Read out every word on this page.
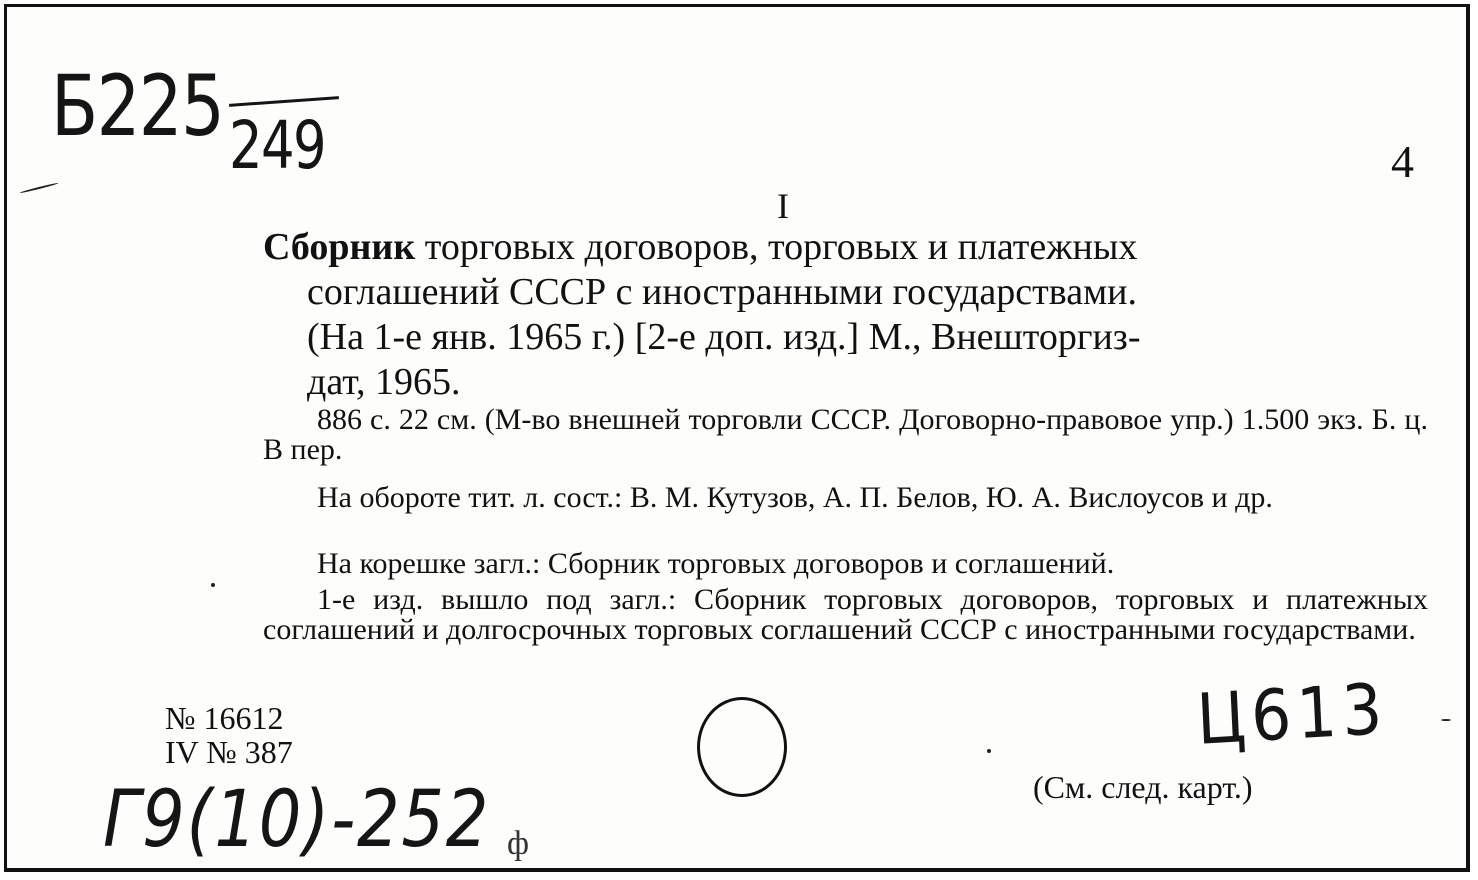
Б225 249	4
I

Сборник торговых договоров, торговых и платежных
соглашений СССР с иностранными государствами.
(На 1-е янв. 1965 г.) [2-е доп. изд.] М., Внешторгиз-
дат, 1965.

886 с. 22 см. (М-во внешней торговли СССР. Договорно-правовое упр.) 1.500 экз. Б. ц. В пер.

На обороте тит. л. сост.: В. М. Кутузов, А. П. Белов, Ю. А. Вислоусов и др.

На корешке загл.: Сборник торговых договоров и соглашений.

1-е изд. вышло под загл.: Сборник торговых договоров, торговых и платежных соглашений и долгосрочных торговых соглашений СССР с иностранными государствами.

№ 16612
IV № 387	Ц613
(См. след. карт.)
Г9(10)-252 ф
